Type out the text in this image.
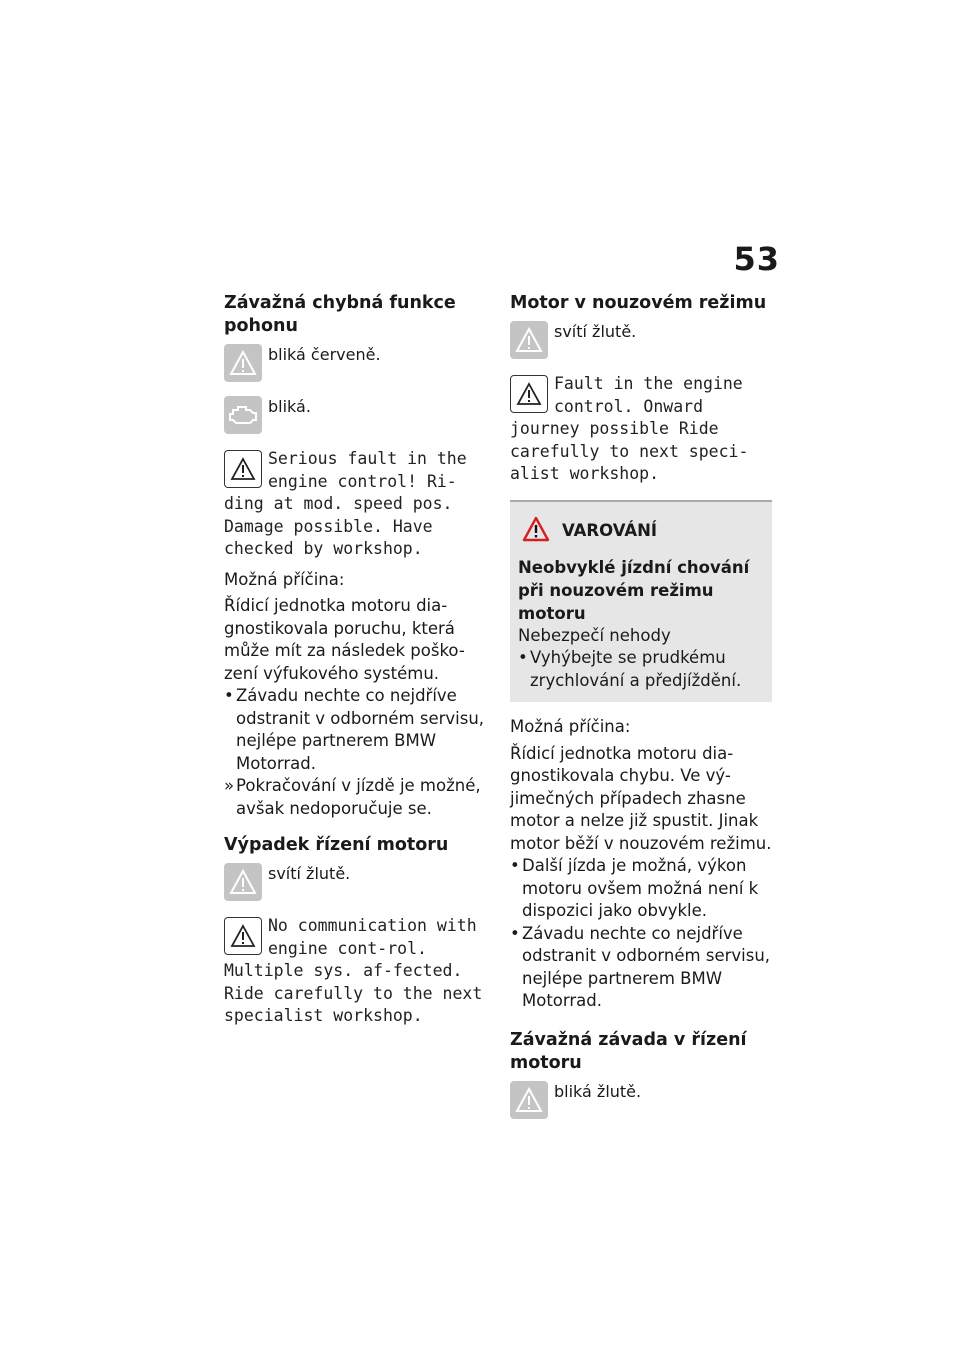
53
Závažná chybná funkce pohonu
bliká červeně.
bliká.
Serious fault in the engine control! Ri-ding at mod. speed pos. Damage possible. Have checked by workshop.

Možná příčina:

Řídicí jednotka motoru dia-gnostikovala poruchu, která může mít za následek poško-zení výfukového systému.

• Závadu nechte co nejdříve odstranit v odborném servisu, nejlépe partnerem BMW Motorrad.
» Pokračování v jízdě je možné, avšak nedoporučuje se.
Výpadek řízení motoru
svítí žlutě.
No communication with engine cont-rol. Multiple sys. af-fected. Ride carefully to the next specialist workshop.
Motor v nouzovém režimu
svítí žlutě.
Fault in the engine control. Onward journey possible Ride carefully to next speci-alist workshop.
VAROVÁNÍ
Neobvyklé jízdní chování při nouzovém režimu motoru

Nebezpečí nehody

• Vyhýbejte se prudkému zrychlování a předjíždění.

Možná příčina:

Řídicí jednotka motoru dia-gnostikovala chybu. Ve vý-jimečných případech zhasne motor a nelze již spustit. Jinak motor běží v nouzovém režimu.

• Další jízda je možná, výkon motoru ovšem možná není k dispozici jako obvykle.
• Závadu nechte co nejdříve odstranit v odborném servisu, nejlépe partnerem BMW Motorrad.
Závažná závada v řízení motoru
bliká žlutě.
